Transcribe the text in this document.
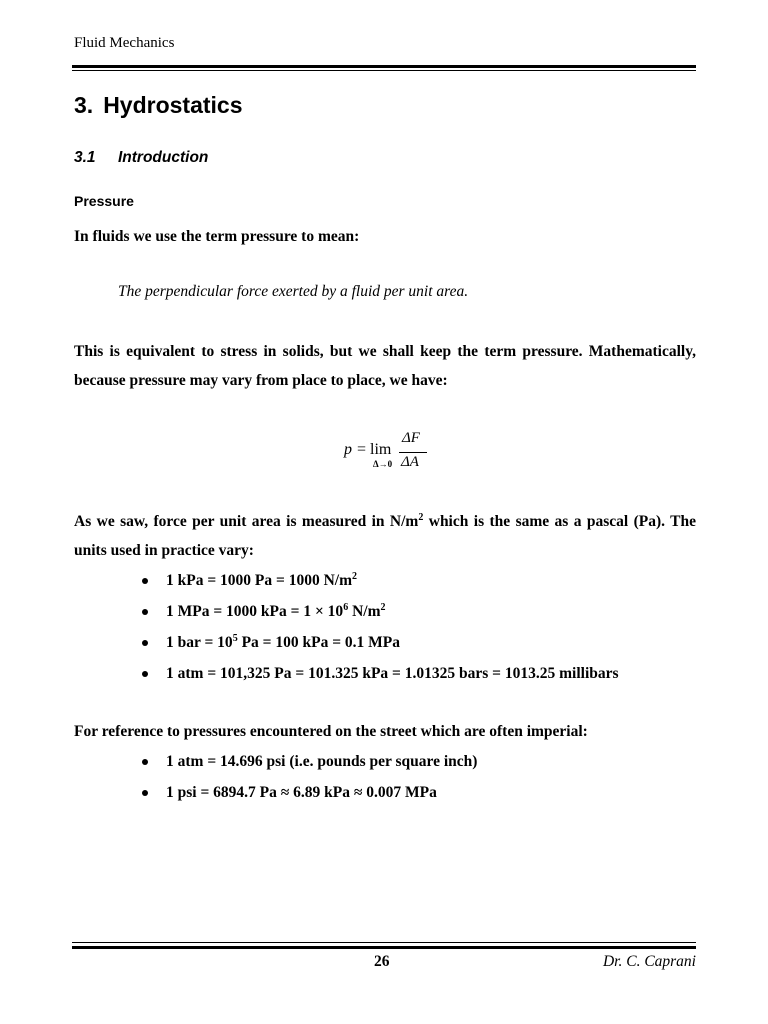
Fluid Mechanics
3. Hydrostatics
3.1 Introduction
Pressure
In fluids we use the term pressure to mean:
The perpendicular force exerted by a fluid per unit area.
This is equivalent to stress in solids, but we shall keep the term pressure. Mathematically, because pressure may vary from place to place, we have:
p = lim
Δ→0
ΔF
ΔA
As we saw, force per unit area is measured in $N/m^2$ which is the same as a pascal (Pa). The units used in practice vary:
1 kPa = 1000 Pa = 1000 $N/m^2$
1 MPa = 1000 kPa = $1 \times 10^6$ $N/m^2$
1 bar = $10^5$ Pa = 100 kPa = 0.1 MPa
1 atm = 101,325 Pa = 101.325 kPa = 1.01325 bars = 1013.25 millibars
For reference to pressures encountered on the street which are often imperial:
1 atm = 14.696 psi (i.e. pounds per square inch)
1 psi = 6894.7 Pa ≈ 6.89 kPa ≈ 0.007 MPa
26	Dr. C. Caprani
